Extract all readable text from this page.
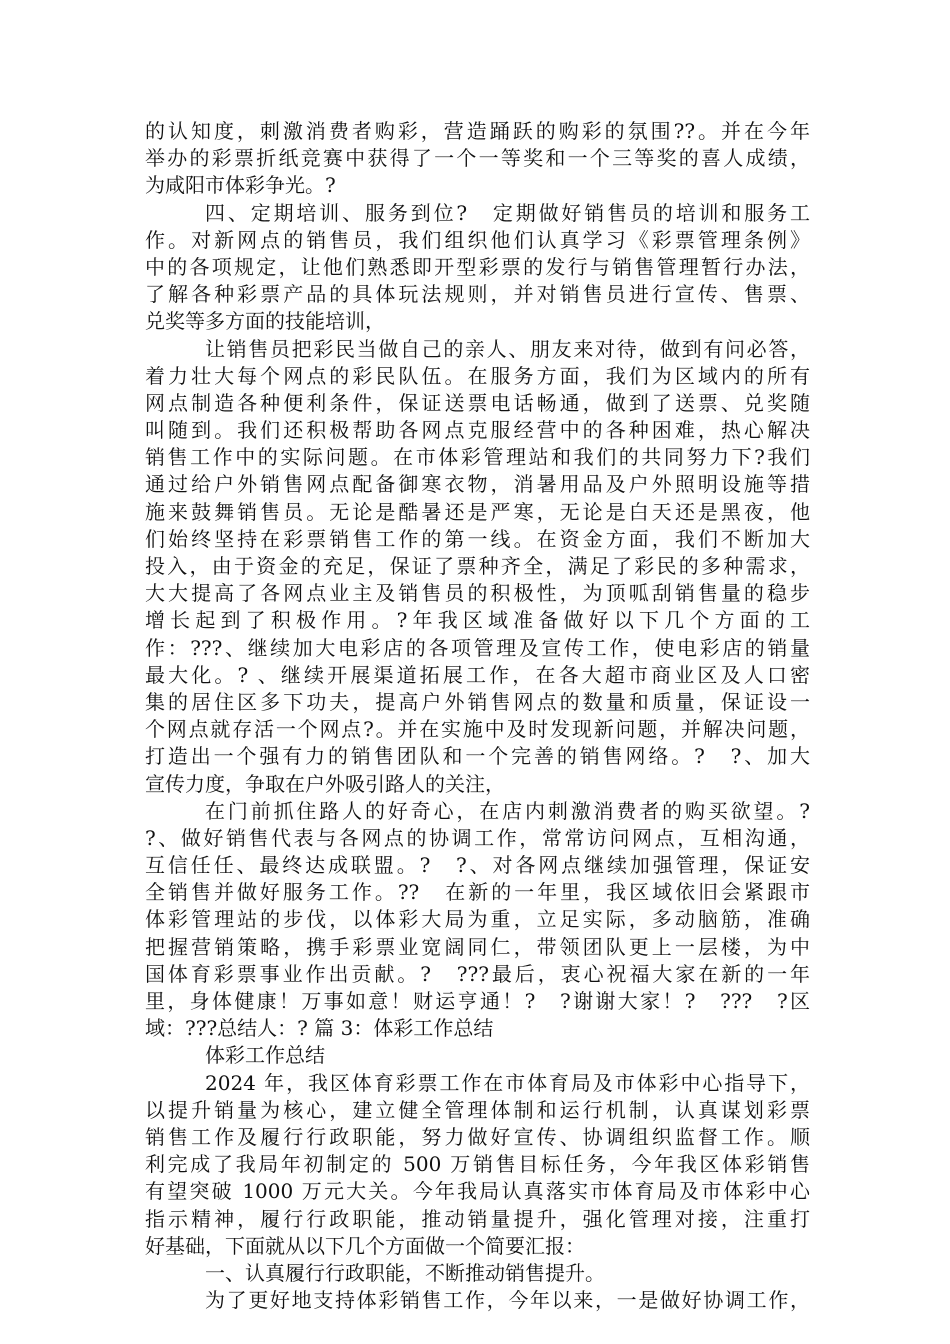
的认知度，刺激消费者购彩，营造踊跃的购彩的氛围??。并在今年
举办的彩票折纸竞赛中获得了一个一等奖和一个三等奖的喜人成绩，
为咸阳市体彩争光。?
四、定期培训、服务到位?　定期做好销售员的培训和服务工
作。对新网点的销售员，我们组织他们认真学习《彩票管理条例》
中的各项规定，让他们熟悉即开型彩票的发行与销售管理暂行办法，
了解各种彩票产品的具体玩法规则，并对销售员进行宣传、售票、
兑奖等多方面的技能培训，
让销售员把彩民当做自己的亲人、朋友来对待，做到有问必答，
着力壮大每个网点的彩民队伍。在服务方面，我们为区域内的所有
网点制造各种便利条件，保证送票电话畅通，做到了送票、兑奖随
叫随到。我们还积极帮助各网点克服经营中的各种困难，热心解决
销售工作中的实际问题。在市体彩管理站和我们的共同努力下?我们
通过给户外销售网点配备御寒衣物，消暑用品及户外照明设施等措
施来鼓舞销售员。无论是酷暑还是严寒，无论是白天还是黑夜，他
们始终坚持在彩票销售工作的第一线。在资金方面，我们不断加大
投入，由于资金的充足，保证了票种齐全，满足了彩民的多种需求，
大大提高了各网点业主及销售员的积极性，为顶呱刮销售量的稳步
增长起到了积极作用。?年我区域准备做好以下几个方面的工
作：???、继续加大电彩店的各项管理及宣传工作，使电彩店的销量
最大化。? 、继续开展渠道拓展工作，在各大超市商业区及人口密
集的居住区多下功夫，提高户外销售网点的数量和质量，保证设一
个网点就存活一个网点?。并在实施中及时发现新问题，并解决问题，
打造出一个强有力的销售团队和一个完善的销售网络。?　?、加大
宣传力度，争取在户外吸引路人的关注，
在门前抓住路人的好奇心，在店内刺激消费者的购买欲望。?
?、做好销售代表与各网点的协调工作，常常访问网点，互相沟通，
互信任任、最终达成联盟。?　?、对各网点继续加强管理，保证安
全销售并做好服务工作。??　在新的一年里，我区域依旧会紧跟市
体彩管理站的步伐，以体彩大局为重，立足实际，多动脑筋，准确
把握营销策略，携手彩票业宽阔同仁，带领团队更上一层楼，为中
国体育彩票事业作出贡献。?　???最后，衷心祝福大家在新的一年
里，身体健康！万事如意！财运亨通！?　?谢谢大家！?　???　?区
域：???总结人：? 篇 3：体彩工作总结
体彩工作总结
2024 年，我区体育彩票工作在市体育局及市体彩中心指导下，
以提升销量为核心，建立健全管理体制和运行机制，认真谋划彩票
销售工作及履行行政职能，努力做好宣传、协调组织监督工作。顺
利完成了我局年初制定的 500 万销售目标任务，今年我区体彩销售
有望突破 1000 万元大关。今年我局认真落实市体育局及市体彩中心
指示精神，履行行政职能，推动销量提升，强化管理对接，注重打
好基础，下面就从以下几个方面做一个简要汇报：
一、认真履行行政职能，不断推动销售提升。
为了更好地支持体彩销售工作，今年以来，一是做好协调工作，
